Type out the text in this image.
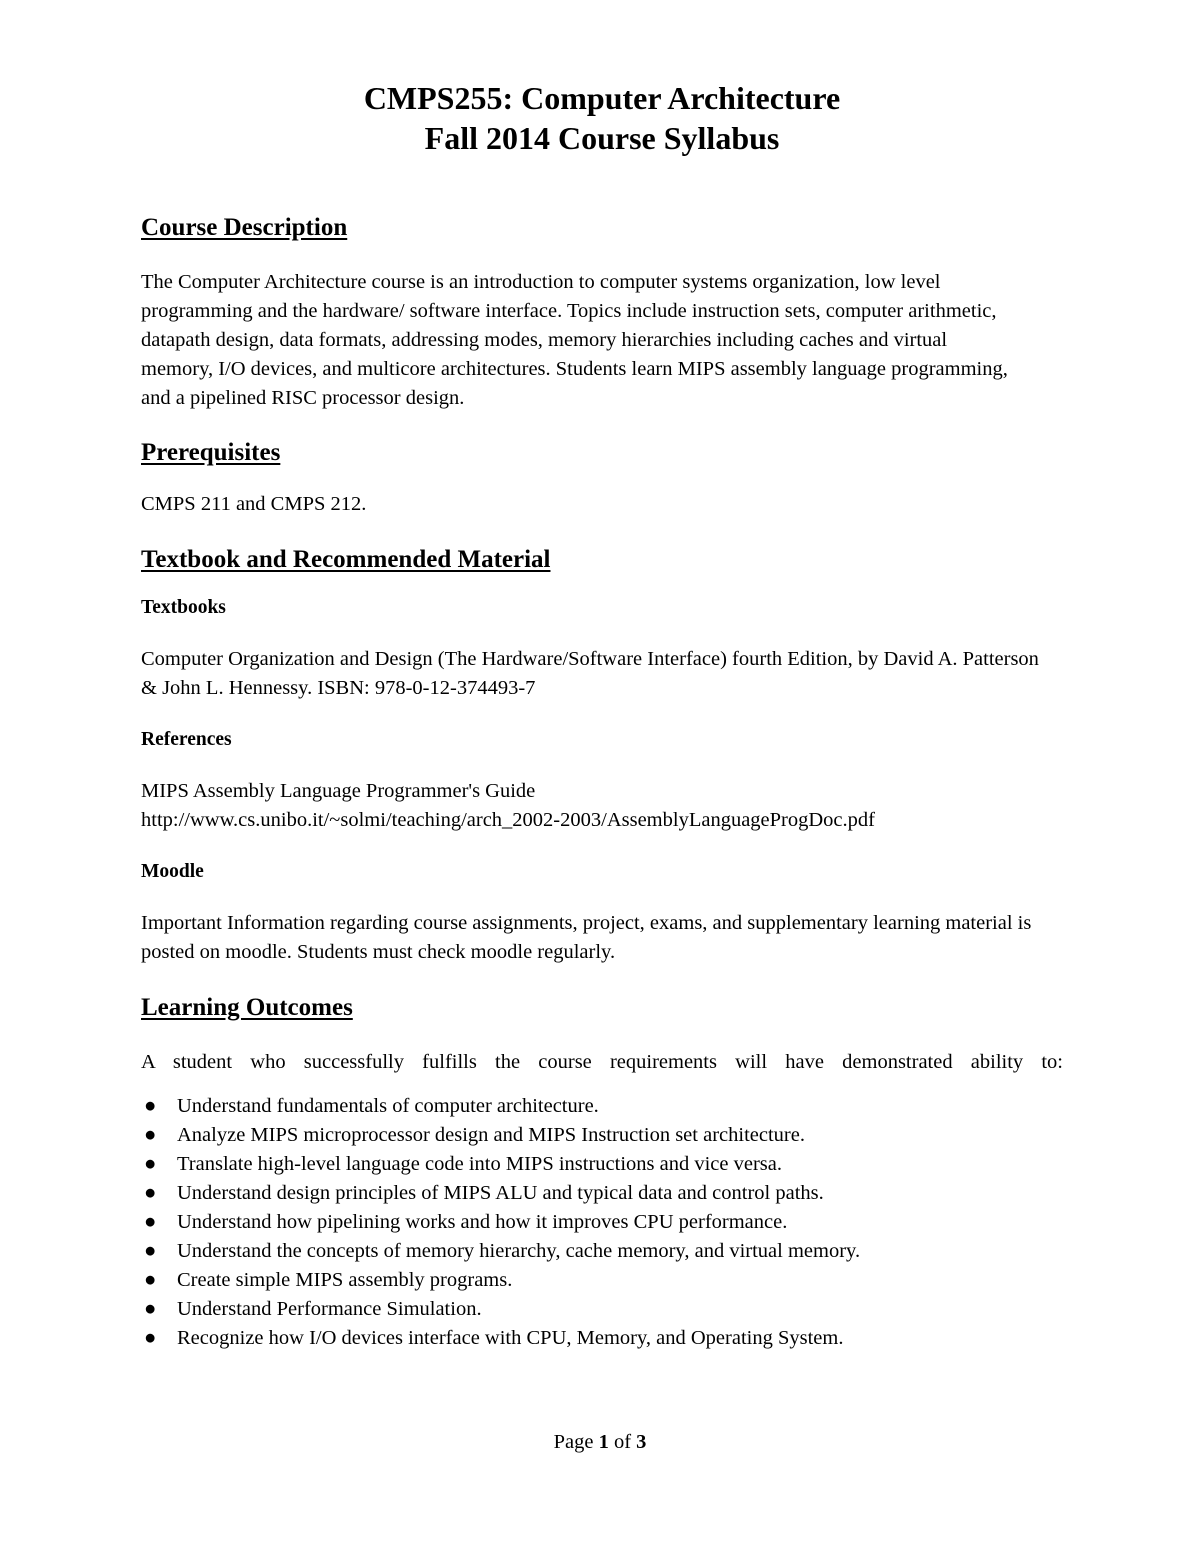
CMPS255: Computer Architecture
Fall 2014 Course Syllabus
Course Description

The Computer Architecture course is an introduction to computer systems organization, low level programming and the hardware/ software interface. Topics include instruction sets, computer arithmetic, datapath design, data formats, addressing modes, memory hierarchies including caches and virtual memory, I/O devices, and multicore architectures. Students learn MIPS assembly language programming, and a pipelined RISC processor design.

Prerequisites

CMPS 211 and CMPS 212.

Textbook and Recommended Material
Textbooks

Computer Organization and Design (The Hardware/Software Interface) fourth Edition, by David A. Patterson & John L. Hennessy. ISBN: 978-0-12-374493-7

References

MIPS Assembly Language Programmer's Guide

http://www.cs.unibo.it/~solmi/teaching/arch_2002-2003/AssemblyLanguageProgDoc.pdf

Moodle

Important Information regarding course assignments, project, exams, and supplementary learning material is posted on moodle. Students must check moodle regularly.

Learning Outcomes

A student who successfully fulfills the course requirements will have demonstrated ability to:

● Understand fundamentals of computer architecture.
● Analyze MIPS microprocessor design and MIPS Instruction set architecture.
● Translate high-level language code into MIPS instructions and vice versa.
● Understand design principles of MIPS ALU and typical data and control paths.
● Understand how pipelining works and how it improves CPU performance.
● Understand the concepts of memory hierarchy, cache memory, and virtual memory.
● Create simple MIPS assembly programs.
● Understand Performance Simulation.
● Recognize how I/O devices interface with CPU, Memory, and Operating System.
Page 1 of 3
